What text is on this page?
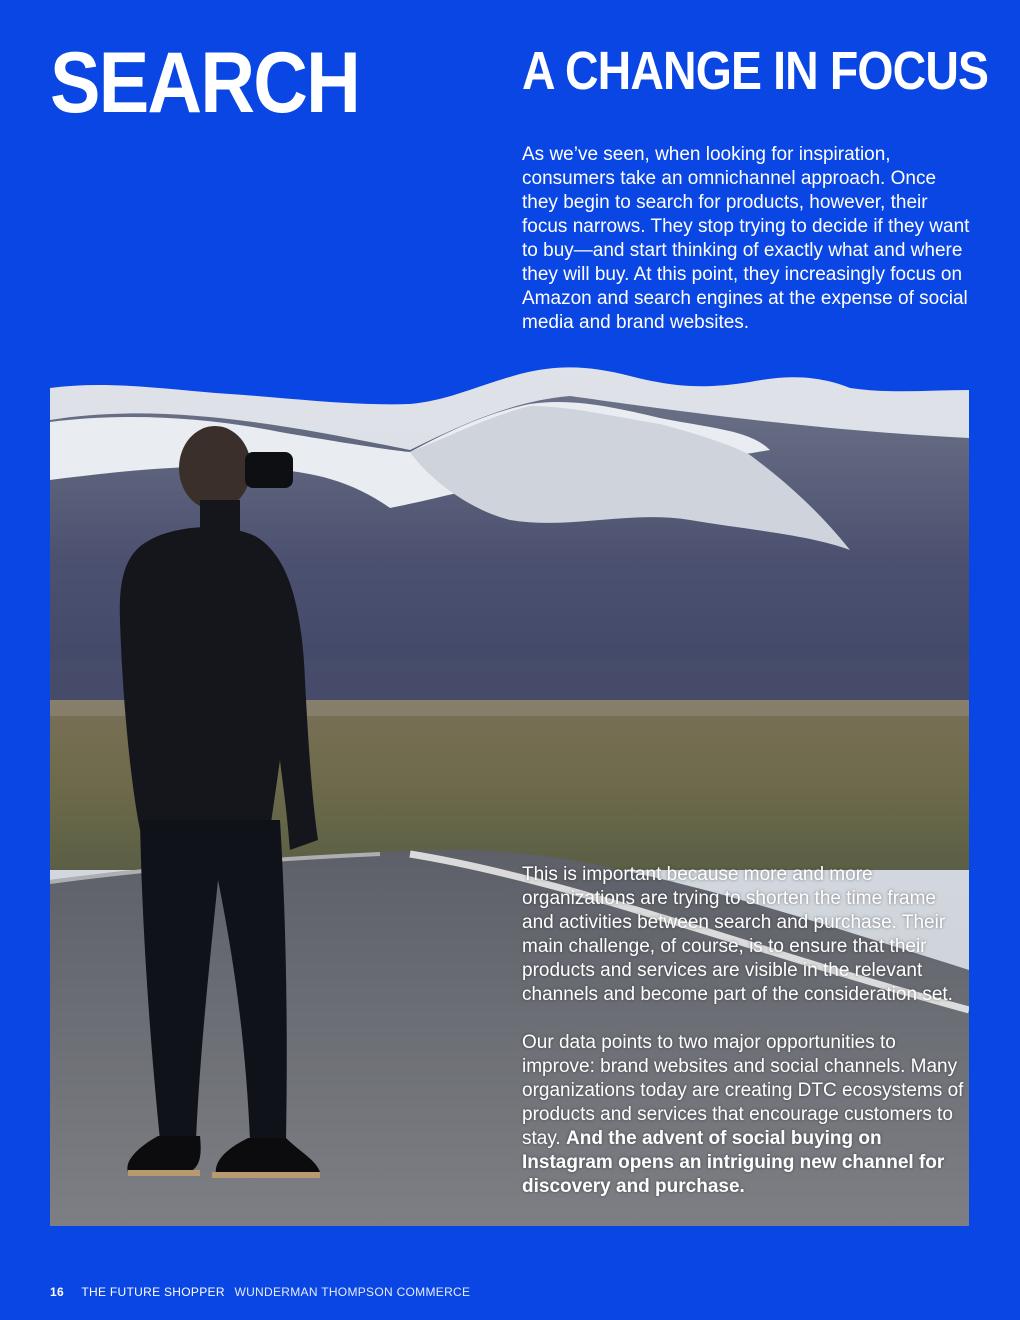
SEARCH	A CHANGE IN FOCUS

As we’ve seen, when looking for inspiration, consumers take an omnichannel approach. Once they begin to search for products, however, their focus narrows. They stop trying to decide if they want to buy—and start thinking of exactly what and where they will buy. At this point, they increasingly focus on Amazon and search engines at the expense of social media and brand websites.

This is important because more and more organizations are trying to shorten the time frame and activities between search and purchase. Their main challenge, of course, is to ensure that their products and services are visible in the relevant channels and become part of the consideration set.

Our data points to two major opportunities to improve: brand websites and social channels. Many organizations today are creating DTC ecosystems of products and services that encourage customers to stay. And the advent of social buying on Instagram opens an intriguing new channel for discovery and purchase.

16 THE FUTURE SHOPPER WUNDERMAN THOMPSON COMMERCE
